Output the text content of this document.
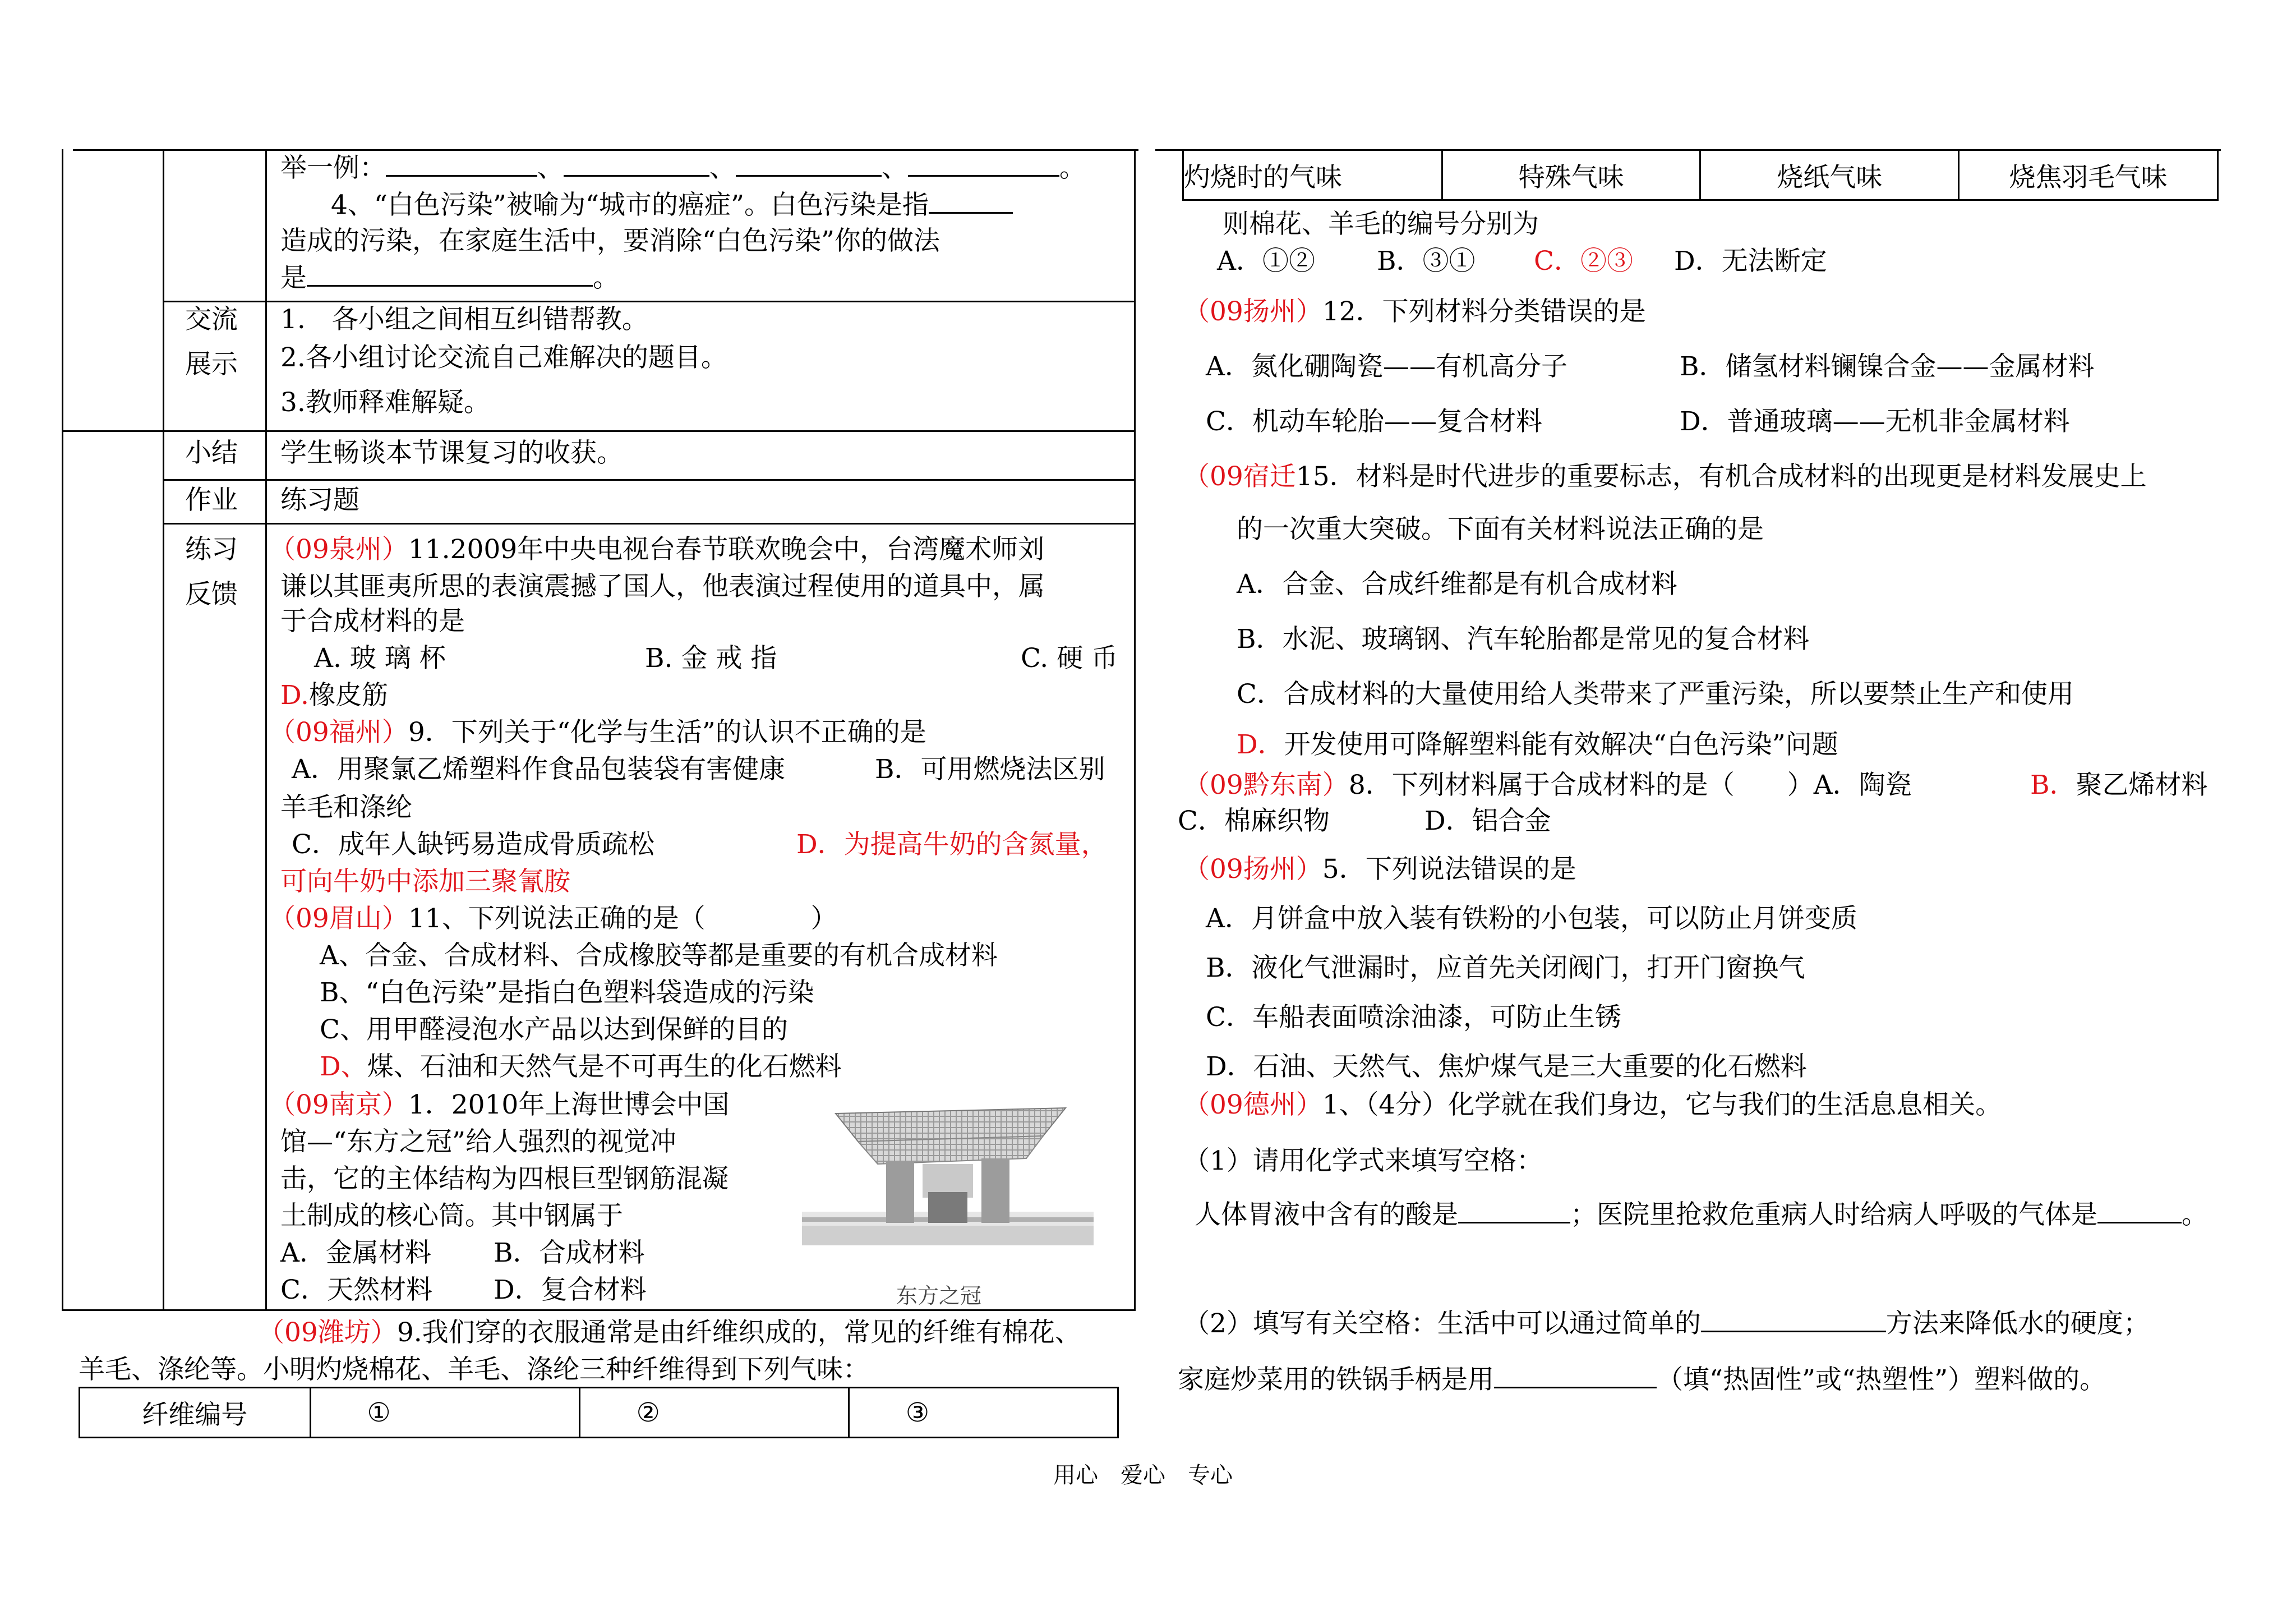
举一例：	、	、	、	。
4、“白色污染”被喻为“城市的癌症”。白色污染是指
造成的污染，在家庭生活中，要消除“白色污染”你的做法
是	。
交流
展示
1.　各小组之间相互纠错帮教。
2.各小组讨论交流自己难解决的题目。
3.教师释难解疑。
小结 学生畅谈本节课复习的收获。
作业 练习题
练习
反馈
（09泉州）11.2009年中央电视台春节联欢晚会中，台湾魔术师刘
谦以其匪夷所思的表演震撼了国人，他表演过程使用的道具中，属
于合成材料的是
A. 玻 璃 杯	B. 金 戒 指	C. 硬 币
D.橡皮筋
（09福州）9．下列关于“化学与生活”的认识不正确的是
A．用聚氯乙烯塑料作食品包装袋有害健康	B．可用燃烧法区别
羊毛和涤纶
C．成年人缺钙易造成骨质疏松	D．为提高牛奶的含氮量，
可向牛奶中添加三聚氰胺
（09眉山）11、下列说法正确的是（　　　　）
A、合金、合成材料、合成橡胶等都是重要的有机合成材料
B、“白色污染”是指白色塑料袋造成的污染
C、用甲醛浸泡水产品以达到保鲜的目的
D、煤、石油和天然气是不可再生的化石燃料
（09南京）1．2010年上海世博会中国
馆—“东方之冠”给人强烈的视觉冲
击，它的主体结构为四根巨型钢筋混凝
土制成的核心筒。其中钢属于
A．金属材料 B．合成材料
C．天然材料 D．复合材料	东方之冠
（09潍坊）9.我们穿的衣服通常是由纤维织成的，常见的纤维有棉花、
羊毛、涤纶等。小明灼烧棉花、羊毛、涤纶三种纤维得到下列气味：
纤维编号	①	②	③
灼烧时的气味	特殊气味	烧纸气味	烧焦羽毛气味
则棉花、羊毛的编号分别为
A．①② B．③① C．②③ D．无法断定
（09扬州）12．下列材料分类错误的是
A．氮化硼陶瓷——有机高分子	B．储氢材料镧镍合金——金属材料
C．机动车轮胎——复合材料	D．普通玻璃——无机非金属材料
（09宿迁15．材料是时代进步的重要标志，有机合成材料的出现更是材料发展史上
的一次重大突破。下面有关材料说法正确的是
A．合金、合成纤维都是有机合成材料
B．水泥、玻璃钢、汽车轮胎都是常见的复合材料
C．合成材料的大量使用给人类带来了严重污染，所以要禁止生产和使用
D．开发使用可降解塑料能有效解决“白色污染”问题
（09黔东南）8．下列材料属于合成材料的是（　　）A．陶瓷	B．聚乙烯材料
C．棉麻织物	D．铝合金
（09扬州）5．下列说法错误的是
A．月饼盒中放入装有铁粉的小包装，可以防止月饼变质
B．液化气泄漏时，应首先关闭阀门，打开门窗换气
C．车船表面喷涂油漆，可防止生锈
D．石油、天然气、焦炉煤气是三大重要的化石燃料
（09德州）1、（4分）化学就在我们身边，它与我们的生活息息相关。
（1）请用化学式来填写空格：
人体胃液中含有的酸是	；医院里抢救危重病人时给病人呼吸的气体是	。
（2）填写有关空格：生活中可以通过简单的	方法来降低水的硬度；
家庭炒菜用的铁锅手柄是用	（填“热固性”或“热塑性”）塑料做的。
用心　爱心　专心
